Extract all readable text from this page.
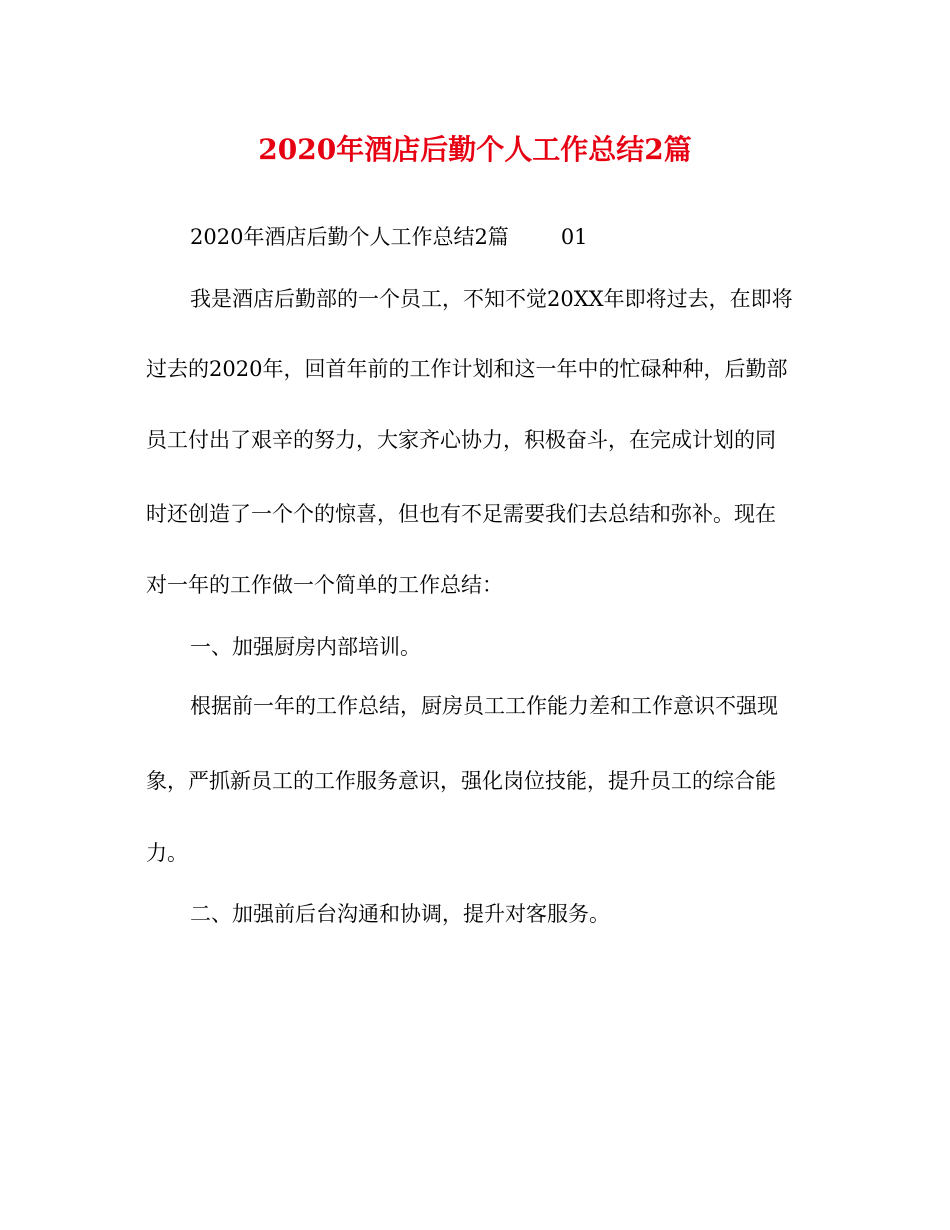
2020年酒店后勤个人工作总结2篇
2020年酒店后勤个人工作总结2篇 01
我是酒店后勤部的一个员工，不知不觉20XX年即将过去，在即将
过去的2020年，回首年前的工作计划和这一年中的忙碌种种，后勤部
员工付出了艰辛的努力，大家齐心协力，积极奋斗，在完成计划的同
时还创造了一个个的惊喜，但也有不足需要我们去总结和弥补。现在
对一年的工作做一个简单的工作总结：
一、加强厨房内部培训。
根据前一年的工作总结，厨房员工工作能力差和工作意识不强现
象，严抓新员工的工作服务意识，强化岗位技能，提升员工的综合能
力。
二、加强前后台沟通和协调，提升对客服务。
